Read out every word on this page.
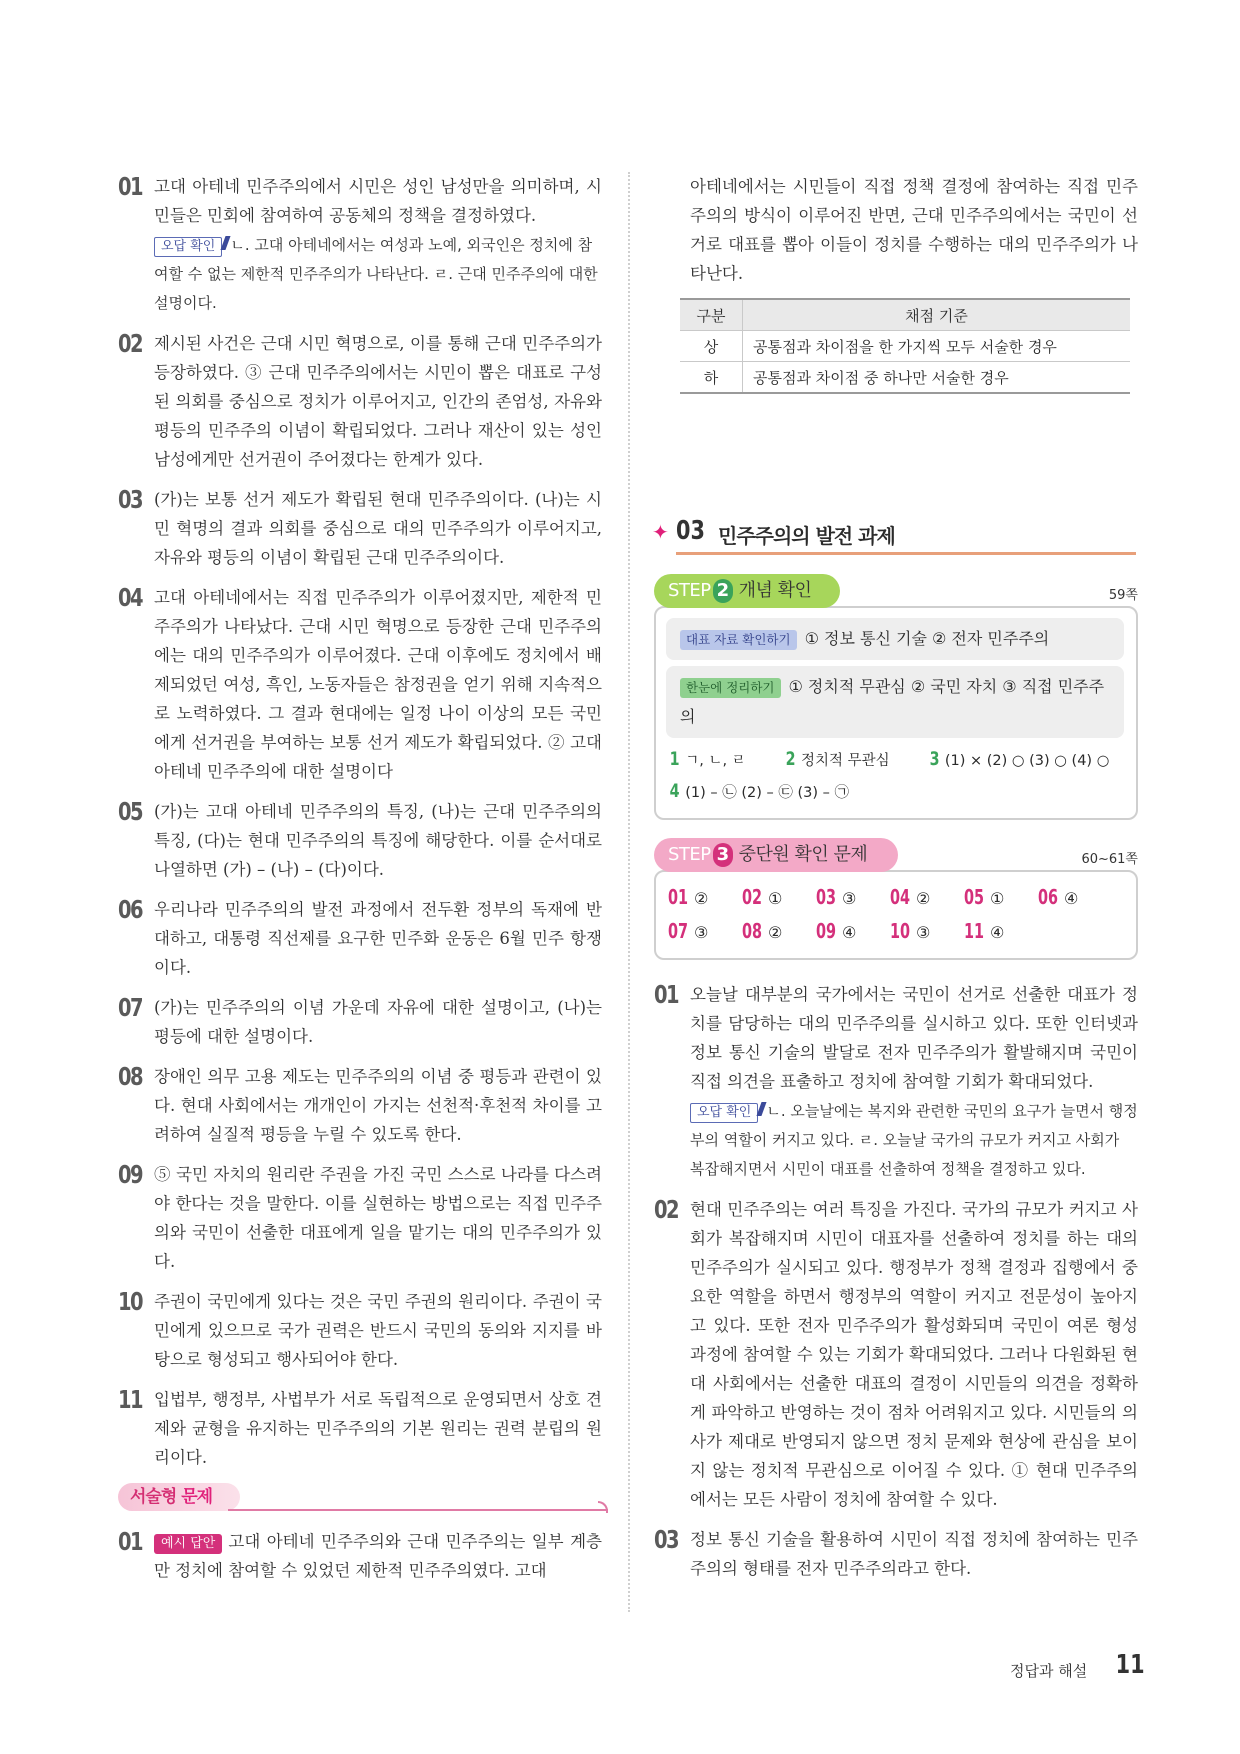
01 고대 아테네 민주주의에서 시민은 성인 남성만을 의미하며, 시민들은 민회에 참여하여 공동체의 정책을 결정하였다.
오답 확인 ㄴ. 고대 아테네에서는 여성과 노예, 외국인은 정치에 참여할 수 없는 제한적 민주주의가 나타난다. ㄹ. 근대 민주주의에 대한 설명이다.
02 제시된 사건은 근대 시민 혁명으로, 이를 통해 근대 민주주의가 등장하였다. ③ 근대 민주주의에서는 시민이 뽑은 대표로 구성된 의회를 중심으로 정치가 이루어지고, 인간의 존엄성, 자유와 평등의 민주주의 이념이 확립되었다. 그러나 재산이 있는 성인 남성에게만 선거권이 주어졌다는 한계가 있다.
03 (가)는 보통 선거 제도가 확립된 현대 민주주의이다. (나)는 시민 혁명의 결과 의회를 중심으로 대의 민주주의가 이루어지고, 자유와 평등의 이념이 확립된 근대 민주주의이다.
04 고대 아테네에서는 직접 민주주의가 이루어졌지만, 제한적 민주주의가 나타났다. 근대 시민 혁명으로 등장한 근대 민주주의에는 대의 민주주의가 이루어졌다. 근대 이후에도 정치에서 배제되었던 여성, 흑인, 노동자들은 참정권을 얻기 위해 지속적으로 노력하였다. 그 결과 현대에는 일정 나이 이상의 모든 국민에게 선거권을 부여하는 보통 선거 제도가 확립되었다. ② 고대 아테네 민주주의에 대한 설명이다
05 (가)는 고대 아테네 민주주의의 특징, (나)는 근대 민주주의의 특징, (다)는 현대 민주주의의 특징에 해당한다. 이를 순서대로 나열하면 (가) – (나) – (다)이다.
06 우리나라 민주주의의 발전 과정에서 전두환 정부의 독재에 반대하고, 대통령 직선제를 요구한 민주화 운동은 6월 민주 항쟁이다.
07 (가)는 민주주의의 이념 가운데 자유에 대한 설명이고, (나)는 평등에 대한 설명이다.
08 장애인 의무 고용 제도는 민주주의의 이념 중 평등과 관련이 있다. 현대 사회에서는 개개인이 가지는 선천적·후천적 차이를 고려하여 실질적 평등을 누릴 수 있도록 한다.
09 ⑤ 국민 자치의 원리란 주권을 가진 국민 스스로 나라를 다스려야 한다는 것을 말한다. 이를 실현하는 방법으로는 직접 민주주의와 국민이 선출한 대표에게 일을 맡기는 대의 민주주의가 있다.
10 주권이 국민에게 있다는 것은 국민 주권의 원리이다. 주권이 국민에게 있으므로 국가 권력은 반드시 국민의 동의와 지지를 바탕으로 형성되고 행사되어야 한다.
11 입법부, 행정부, 사법부가 서로 독립적으로 운영되면서 상호 견제와 균형을 유지하는 민주주의의 기본 원리는 권력 분립의 원리이다.
서술형 문제
01	예시 답안 고대 아테네 민주주의와 근대 민주주의는 일부 계층만 정치에 참여할 수 있었던 제한적 민주주의였다. 고대
아테네에서는 시민들이 직접 정책 결정에 참여하는 직접 민주주의의 방식이 이루어진 반면, 근대 민주주의에서는 국민이 선거로 대표를 뽑아 이들이 정치를 수행하는 대의 민주주의가 나타난다.
구분	채점 기준
상	공통점과 차이점을 한 가지씩 모두 서술한 경우
하	공통점과 차이점 중 하나만 서술한 경우
✦ 03 민주주의의 발전 과제
STEP 2 개념 확인	59쪽
대표 자료 확인하기 ① 정보 통신 기술 ② 전자 민주주의
한눈에 정리하기 ① 정치적 무관심 ② 국민 자치 ③ 직접 민주주의
1 ㄱ, ㄴ, ㄹ 2 정치적 무관심 3 (1) × (2) ○ (3) ○ (4) ○
4 (1) – ㉡ (2) – ㉢ (3) – ㉠
STEP 3 중단원 확인 문제	60~61쪽
01 ②	02 ①	03 ③	04 ②	05 ①	06 ④
07 ③	08 ②	09 ④	10 ③	11 ④
01 오늘날 대부분의 국가에서는 국민이 선거로 선출한 대표가 정치를 담당하는 대의 민주주의를 실시하고 있다. 또한 인터넷과 정보 통신 기술의 발달로 전자 민주주의가 활발해지며 국민이 직접 의견을 표출하고 정치에 참여할 기회가 확대되었다.
오답 확인 ㄴ. 오늘날에는 복지와 관련한 국민의 요구가 늘면서 행정부의 역할이 커지고 있다. ㄹ. 오늘날 국가의 규모가 커지고 사회가 복잡해지면서 시민이 대표를 선출하여 정책을 결정하고 있다.
02 현대 민주주의는 여러 특징을 가진다. 국가의 규모가 커지고 사회가 복잡해지며 시민이 대표자를 선출하여 정치를 하는 대의 민주주의가 실시되고 있다. 행정부가 정책 결정과 집행에서 중요한 역할을 하면서 행정부의 역할이 커지고 전문성이 높아지고 있다. 또한 전자 민주주의가 활성화되며 국민이 여론 형성 과정에 참여할 수 있는 기회가 확대되었다. 그러나 다원화된 현대 사회에서는 선출한 대표의 결정이 시민들의 의견을 정확하게 파악하고 반영하는 것이 점차 어려워지고 있다. 시민들의 의사가 제대로 반영되지 않으면 정치 문제와 현상에 관심을 보이지 않는 정치적 무관심으로 이어질 수 있다. ① 현대 민주주의에서는 모든 사람이 정치에 참여할 수 있다.
03 정보 통신 기술을 활용하여 시민이 직접 정치에 참여하는 민주주의의 형태를 전자 민주주의라고 한다.
정답과 해설 11
